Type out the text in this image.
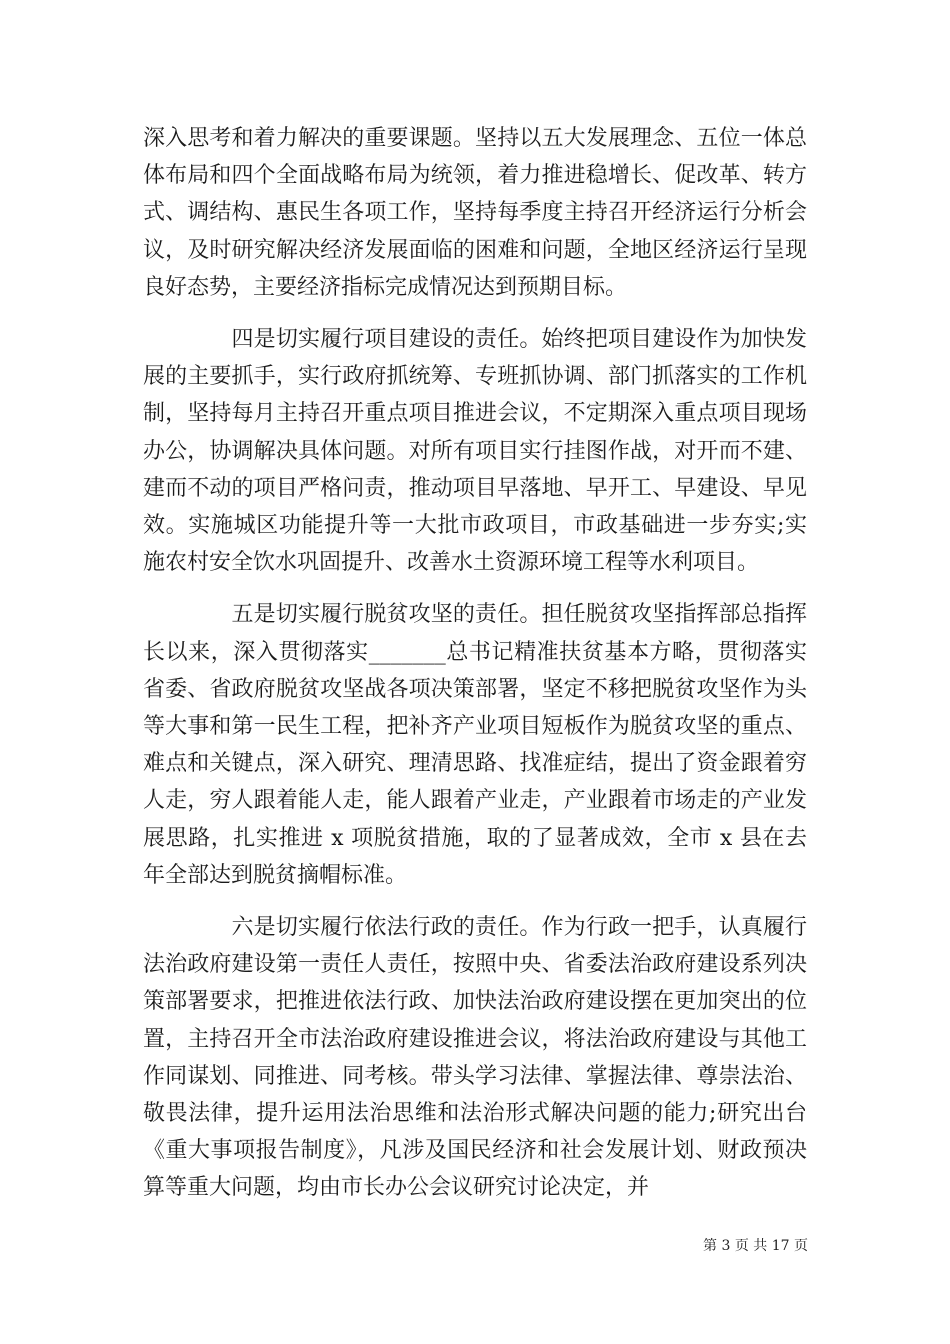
深入思考和着力解决的重要课题。坚持以五大发展理念、五位一体总体布局和四个全面战略布局为统领，着力推进稳增长、促改革、转方式、调结构、惠民生各项工作，坚持每季度主持召开经济运行分析会议，及时研究解决经济发展面临的困难和问题，全地区经济运行呈现良好态势，主要经济指标完成情况达到预期目标。

　　　　四是切实履行项目建设的责任。始终把项目建设作为加快发展的主要抓手，实行政府抓统筹、专班抓协调、部门抓落实的工作机制，坚持每月主持召开重点项目推进会议，不定期深入重点项目现场办公，协调解决具体问题。对所有项目实行挂图作战，对开而不建、建而不动的项目严格问责，推动项目早落地、早开工、早建设、早见效。实施城区功能提升等一大批市政项目，市政基础进一步夯实;实施农村安全饮水巩固提升、改善水土资源环境工程等水利项目。

　　　　五是切实履行脱贫攻坚的责任。担任脱贫攻坚指挥部总指挥长以来，深入贯彻落实_______总书记精准扶贫基本方略，贯彻落实省委、省政府脱贫攻坚战各项决策部署，坚定不移把脱贫攻坚作为头等大事和第一民生工程，把补齐产业项目短板作为脱贫攻坚的重点、难点和关键点，深入研究、理清思路、找准症结，提出了资金跟着穷人走，穷人跟着能人走，能人跟着产业走，产业跟着市场走的产业发展思路，扎实推进 x 项脱贫措施，取的了显著成效，全市 x 县在去年全部达到脱贫摘帽标准。

　　　　六是切实履行依法行政的责任。作为行政一把手，认真履行法治政府建设第一责任人责任，按照中央、省委法治政府建设系列决策部署要求，把推进依法行政、加快法治政府建设摆在更加突出的位置，主持召开全市法治政府建设推进会议，将法治政府建设与其他工作同谋划、同推进、同考核。带头学习法律、掌握法律、尊崇法治、敬畏法律，提升运用法治思维和法治形式解决问题的能力;研究出台《重大事项报告制度》，凡涉及国民经济和社会发展计划、财政预决算等重大问题，均由市长办公会议研究讨论决定，并

第 3 页 共 17 页
